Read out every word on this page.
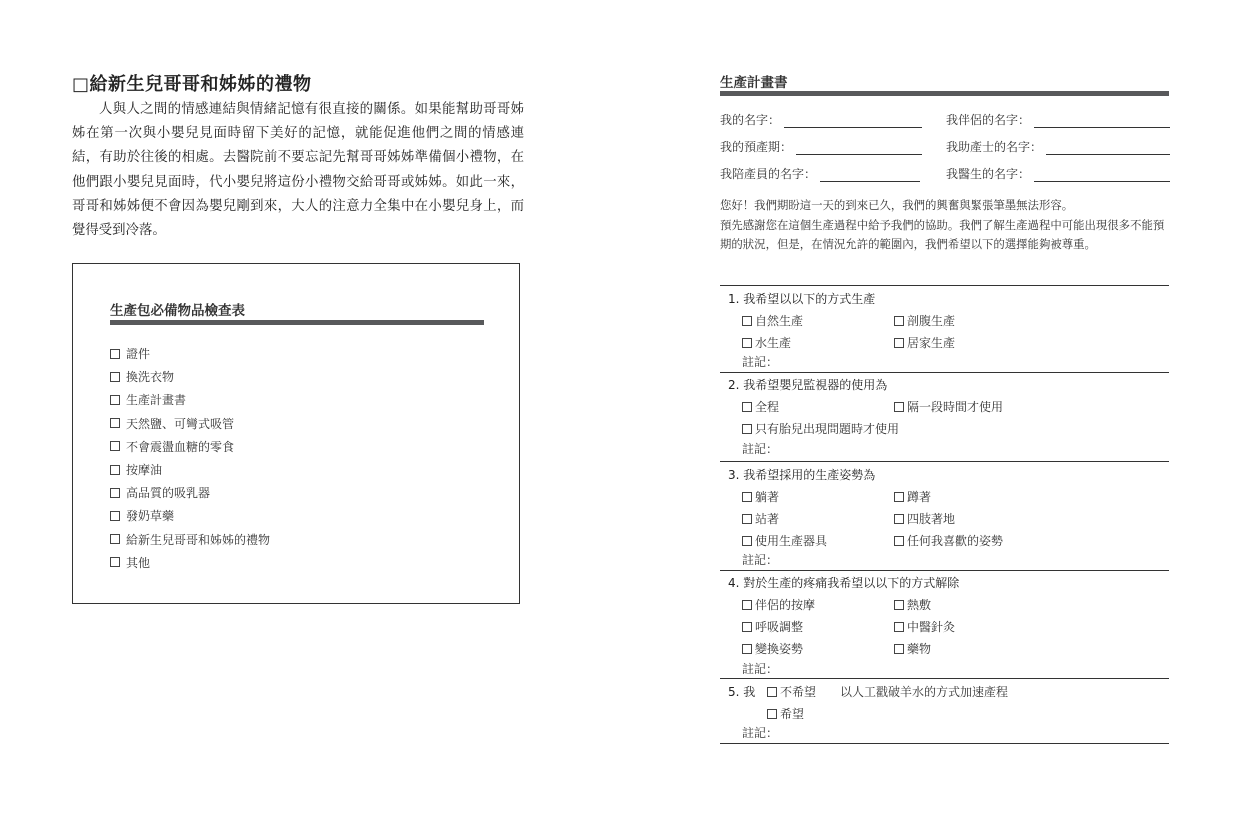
□給新生兒哥哥和姊姊的禮物

人與人之間的情感連結與情緒記憶有很直接的關係。如果能幫助哥哥姊姊在第一次與小嬰兒見面時留下美好的記憶，就能促進他們之間的情感連結，有助於往後的相處。去醫院前不要忘記先幫哥哥姊姊準備個小禮物，在他們跟小嬰兒見面時，代小嬰兒將這份小禮物交給哥哥或姊姊。如此一來，哥哥和姊姊便不會因為嬰兒剛到來，大人的注意力全集中在小嬰兒身上，而覺得受到冷落。

生產包必備物品檢查表
證件
換洗衣物
生產計畫書
天然鹽、可彎式吸管
不會震盪血糖的零食
按摩油
高品質的吸乳器
發奶草藥
給新生兒哥哥和姊姊的禮物
其他
生產計畫書
我的名字：	我伴侶的名字：
我的預產期：	我助產士的名字：
我陪產員的名字：	我醫生的名字：

您好！我們期盼這一天的到來已久，我們的興奮與緊張筆墨無法形容。

預先感謝您在這個生產過程中給予我們的協助。我們了解生產過程中可能出現很多不能預期的狀況，但是，在情況允許的範圍內，我們希望以下的選擇能夠被尊重。

1. 我希望以以下的方式生產
自然生產	剖腹生產
水生產	居家生產
註記：
2. 我希望嬰兒監視器的使用為
全程	隔一段時間才使用
只有胎兒出現問題時才使用
註記：
3. 我希望採用的生產姿勢為
躺著	蹲著
站著	四肢著地
使用生產器具	任何我喜歡的姿勢
註記：
4. 對於生產的疼痛我希望以以下的方式解除
伴侶的按摩	熱敷
呼吸調整	中醫針灸
變換姿勢	藥物
註記：
5. 我 不希望 以人工戳破羊水的方式加速產程
希望
註記：
